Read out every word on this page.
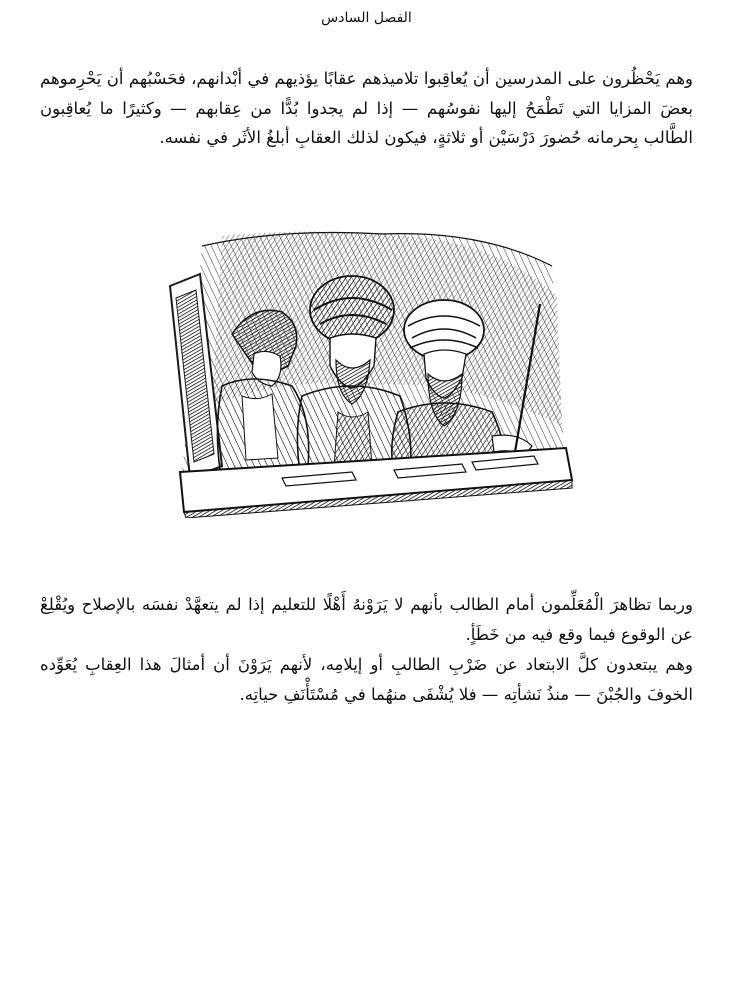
الفصل السادس

وهم يَحْظُرون على المدرسين أن يُعاقِبوا تلاميذهم عقابًا يؤذيهم في أبْدانهم، فحَسْبُهم أن يَحْرِموهم بعضَ المزايا التي تَطْمَحُ إليها نفوسُهم — إذا لم يجدوا بُدًّا من عِقابهم — وكثيرًا ما يُعاقِبون الطَّالب بِحرمانه حُضورَ دَرْسَيْن أو ثلاثةٍ، فيكون لذلك العقابِ أبلغُ الأثَر في نفسه.

وربما تظاهرَ الْمُعَلِّمون أمام الطالب بأنهم لا يَرَوْنهُ أَهْلًا للتعليم إذا لم يتعهَّدْ نفسَه بالإصلاح ويُقْلِعْ عن الوقوع فيما وقع فيه من خَطَأٍ.

وهم يبتعدون كلَّ الابتعاد عن ضَرْبِ الطالبِ أو إيلامِه، لأنهم يَرَوْنَ أن أمثالَ هذا العِقابِ يُعَوِّده الخوفَ والجُبْنَ — منذُ نَشأتِه — فلا يُشْفَى منهُما في مُسْتَأْنَفِ حياتِه.
